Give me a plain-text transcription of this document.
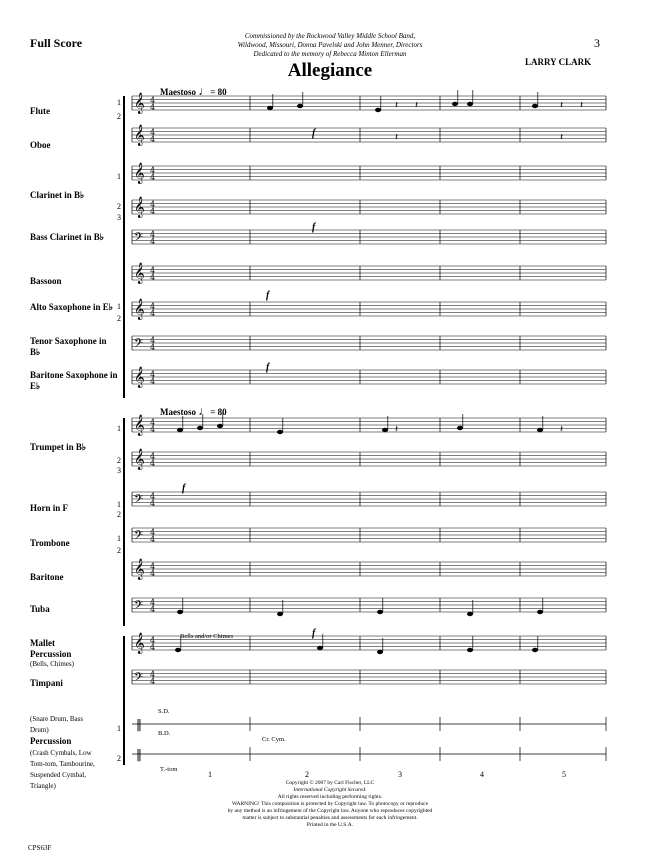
Full Score	3
Commissioned by the Rockwood Valley Middle School Band,
Wildwood, Missouri, Donna Pavelski and John Menner, Directors
Dedicated to the memory of Rebecca Minton Ellerman
Allegiance	LARRY CLARK
Maestoso ♩= 80
Maestoso ♩= 80
Flute
Oboe
Clarinet in B♭
Bass Clarinet in B♭
Bassoon
Alto Saxophone in E♭
Tenor Saxophone in B♭
Baritone Saxophone in E♭
Trumpet in B♭
Horn in F
Trombone
Baritone
Tuba
Mallet Percussion
(Bells, Chimes)
Timpani
(Snare Drum, Bass Drum)
Percussion
(Crash Cymbals, Low Tom-tom, Tambourine, Suspended Cymbal, Triangle)
1
2
1
2
3
1
2
1
2
3
1
2
1
2
1
2
Bells and/or Chimes
S.D.
B.D.
Cr. Cym.
T.-tom
f
f
f
f
f
f
1	2	3	4	5
𝄞 4
4
𝄞 4
4
𝄞 4
4
𝄞 4
4
𝄢 4
4
𝄞 4
4
𝄞 4
4
𝄢 4
4
𝄞 4
4
𝄞 4
4
𝄞 4
4
𝄢 4
4
𝄢 4
4
𝄞 4
4
𝄢 4
4
𝄞 4
4
𝄢 4
4
‖
‖
𝄽 𝄽	𝄽 𝄽
𝄽	𝄽
𝄽	𝄽
Copyright © 2007 by Carl Fischer, LLC
International Copyright Secured.
All rights reserved including performing rights.
WARNING! This composition is protected by Copyright law. To photocopy or reproduce
by any method is an infringement of the Copyright law. Anyone who reproduces copyrighted
matter is subject to substantial penalties and assessments for each infringement.
Printed in the U.S.A.
CPS63F
